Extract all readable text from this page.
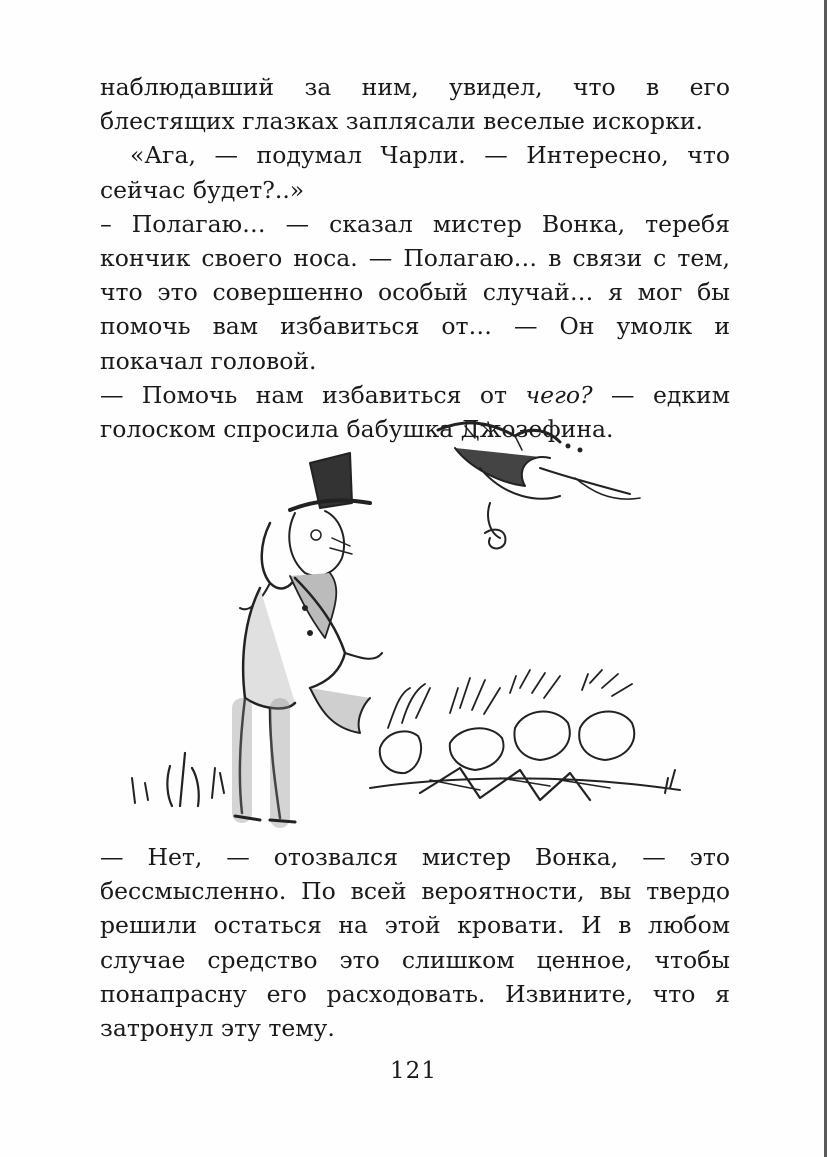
наблюдавший за ним, увидел, что в его блестящих глазках заплясали веселые искорки.

«Ага, — подумал Чарли. — Интересно, что сейчас будет?..»

– Полагаю… — сказал мистер Вонка, теребя кончик своего носа. — Полагаю… в связи с тем, что это совершенно особый случай… я мог бы помочь вам избавиться от… — Он умолк и покачал головой.

— Помочь нам избавиться от чего? — едким голоском спросила бабушка Джозефина.

— Нет, — отозвался мистер Вонка, — это бессмысленно. По всей вероятности, вы твердо решили остаться на этой кровати. И в любом случае средство это слишком ценное, чтобы понапрасну его расходовать. Извините, что я затронул эту тему.

121
